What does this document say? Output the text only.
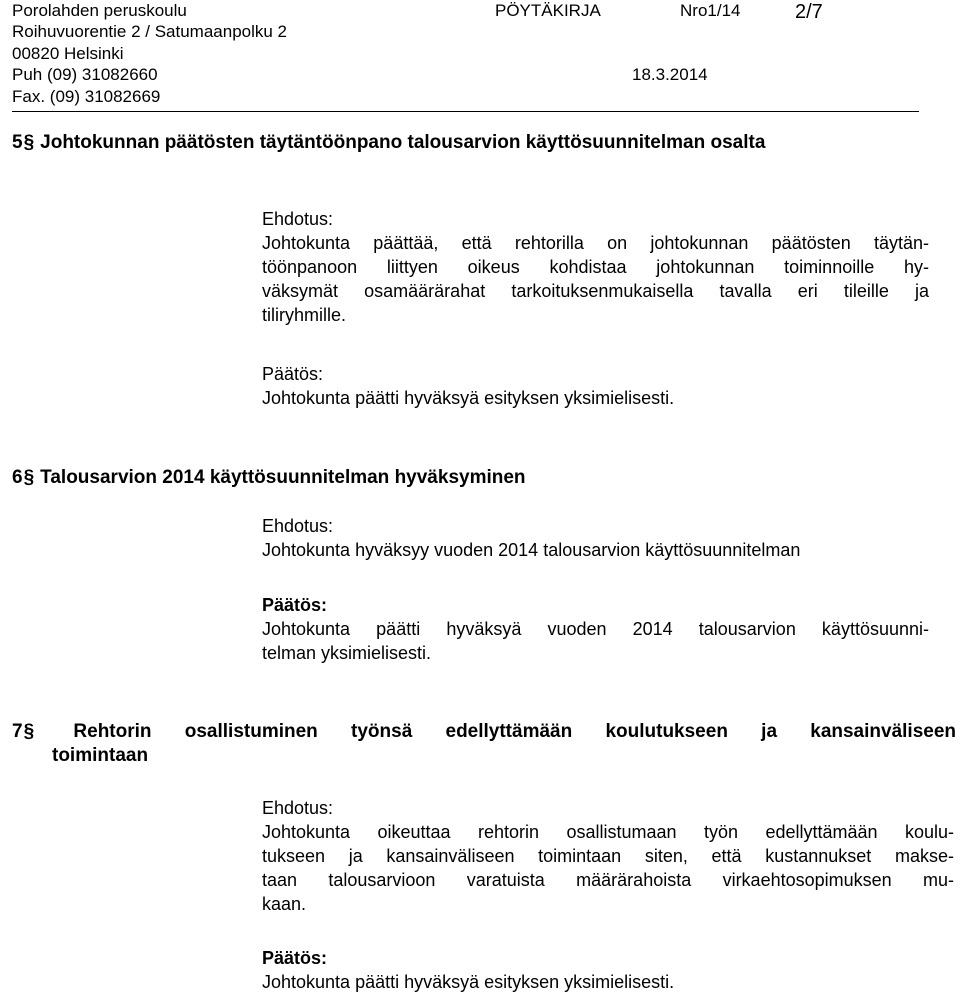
Porolahden peruskoulu
Roihuvuorentie 2 / Satumaanpolku 2
00820 Helsinki
Puh (09) 31082660
Fax. (09) 31082669
PÖYTÄKIRJA	Nro1/14	2/7
18.3.2014
5§ Johtokunnan päätösten täytäntöönpano talousarvion käyttösuunnitelman osalta
Ehdotus:
Johtokunta päättää, että rehtorilla on johtokunnan päätösten täytän-
töönpanoon liittyen oikeus kohdistaa johtokunnan toiminnoille hy-
väksymät osamäärärahat tarkoituksenmukaisella tavalla eri tileille ja
tiliryhmille.
Päätös:
Johtokunta päätti hyväksyä esityksen yksimielisesti.
6§ Talousarvion 2014 käyttösuunnitelman hyväksyminen
Ehdotus:
Johtokunta hyväksyy vuoden 2014 talousarvion käyttösuunnitelman
Päätös:
Johtokunta päätti hyväksyä vuoden 2014 talousarvion käyttösuunni-
telman yksimielisesti.
7§ Rehtorin osallistuminen työnsä edellyttämään koulutukseen ja kansainväliseen
toimintaan
Ehdotus:
Johtokunta oikeuttaa rehtorin osallistumaan työn edellyttämään koulu-
tukseen ja kansainväliseen toimintaan siten, että kustannukset makse-
taan talousarvioon varatuista määrärahoista virkaehtosopimuksen mu-
kaan.
Päätös:
Johtokunta päätti hyväksyä esityksen yksimielisesti.
